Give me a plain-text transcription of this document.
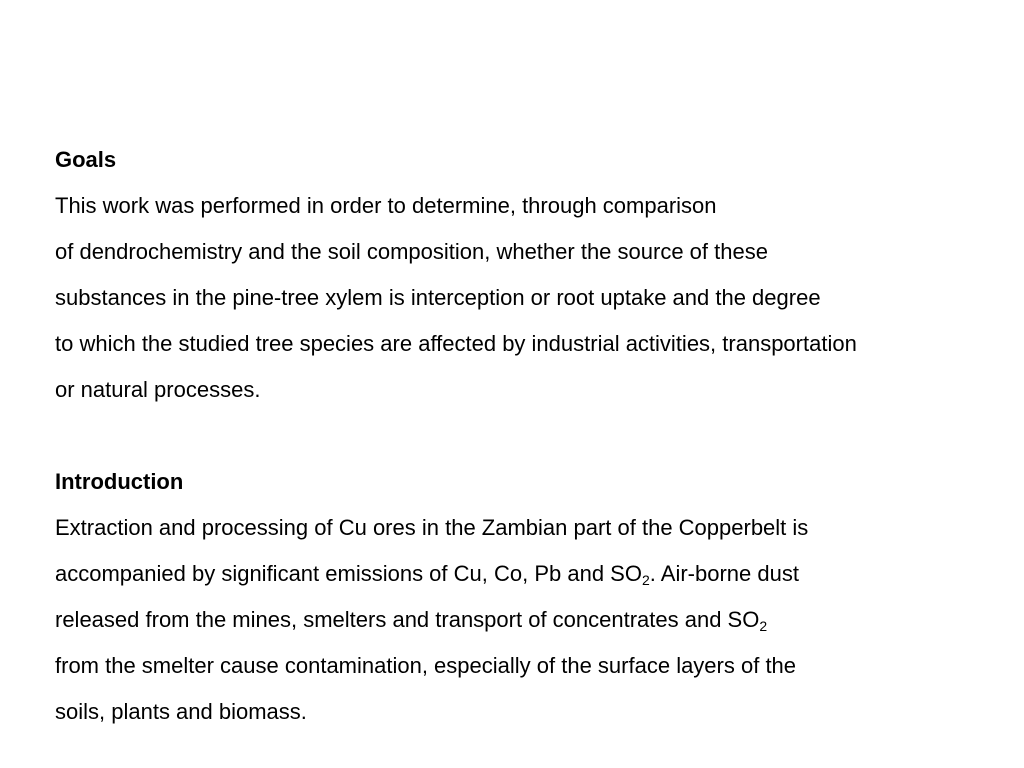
Goals
This work was performed in order to determine, through comparison
of dendrochemistry and the soil composition, whether the source of these
substances in the pine-tree xylem is interception or root uptake and the degree
to which the studied tree species are affected by industrial activities, transportation
or natural processes.
Introduction
Extraction and processing of Cu ores in the Zambian part of the Copperbelt is
accompanied by significant emissions of Cu, Co, Pb and $SO_2$. Air-borne dust
released from the mines, smelters and transport of concentrates and $SO_2$
from the smelter cause contamination, especially of the surface layers of the
soils, plants and biomass.
